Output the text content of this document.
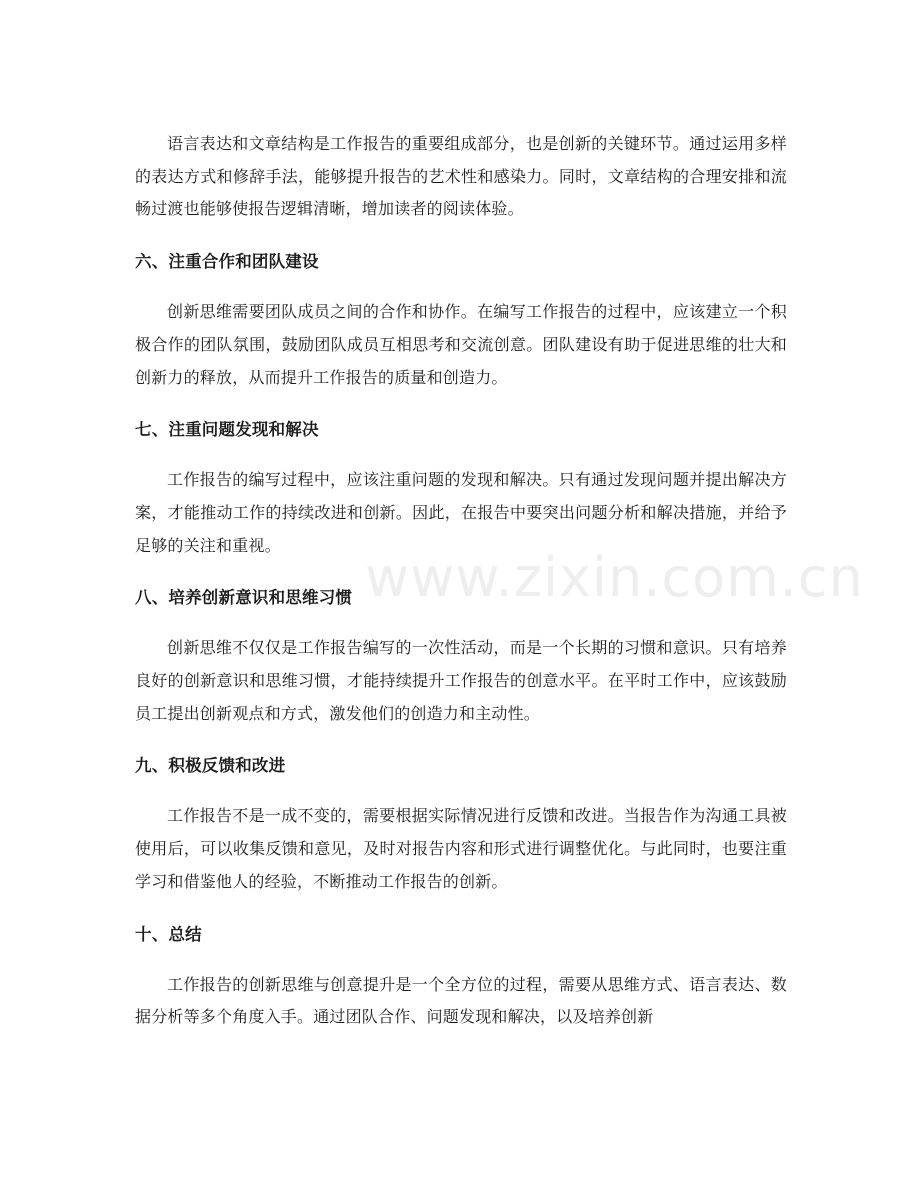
语言表达和文章结构是工作报告的重要组成部分，也是创新的关键环节。通过运用多样的表达方式和修辞手法，能够提升报告的艺术性和感染力。同时，文章结构的合理安排和流畅过渡也能够使报告逻辑清晰，增加读者的阅读体验。

六、注重合作和团队建设

创新思维需要团队成员之间的合作和协作。在编写工作报告的过程中，应该建立一个积极合作的团队氛围，鼓励团队成员互相思考和交流创意。团队建设有助于促进思维的壮大和创新力的释放，从而提升工作报告的质量和创造力。

七、注重问题发现和解决

工作报告的编写过程中，应该注重问题的发现和解决。只有通过发现问题并提出解决方案，才能推动工作的持续改进和创新。因此，在报告中要突出问题分析和解决措施，并给予足够的关注和重视。

八、培养创新意识和思维习惯

创新思维不仅仅是工作报告编写的一次性活动，而是一个长期的习惯和意识。只有培养良好的创新意识和思维习惯，才能持续提升工作报告的创意水平。在平时工作中，应该鼓励员工提出创新观点和方式，激发他们的创造力和主动性。

九、积极反馈和改进

工作报告不是一成不变的，需要根据实际情况进行反馈和改进。当报告作为沟通工具被使用后，可以收集反馈和意见，及时对报告内容和形式进行调整优化。与此同时，也要注重学习和借鉴他人的经验，不断推动工作报告的创新。

十、总结

工作报告的创新思维与创意提升是一个全方位的过程，需要从思维方式、语言表达、数据分析等多个角度入手。通过团队合作、问题发现和解决，以及培养创新

www.zixin.com.cn
